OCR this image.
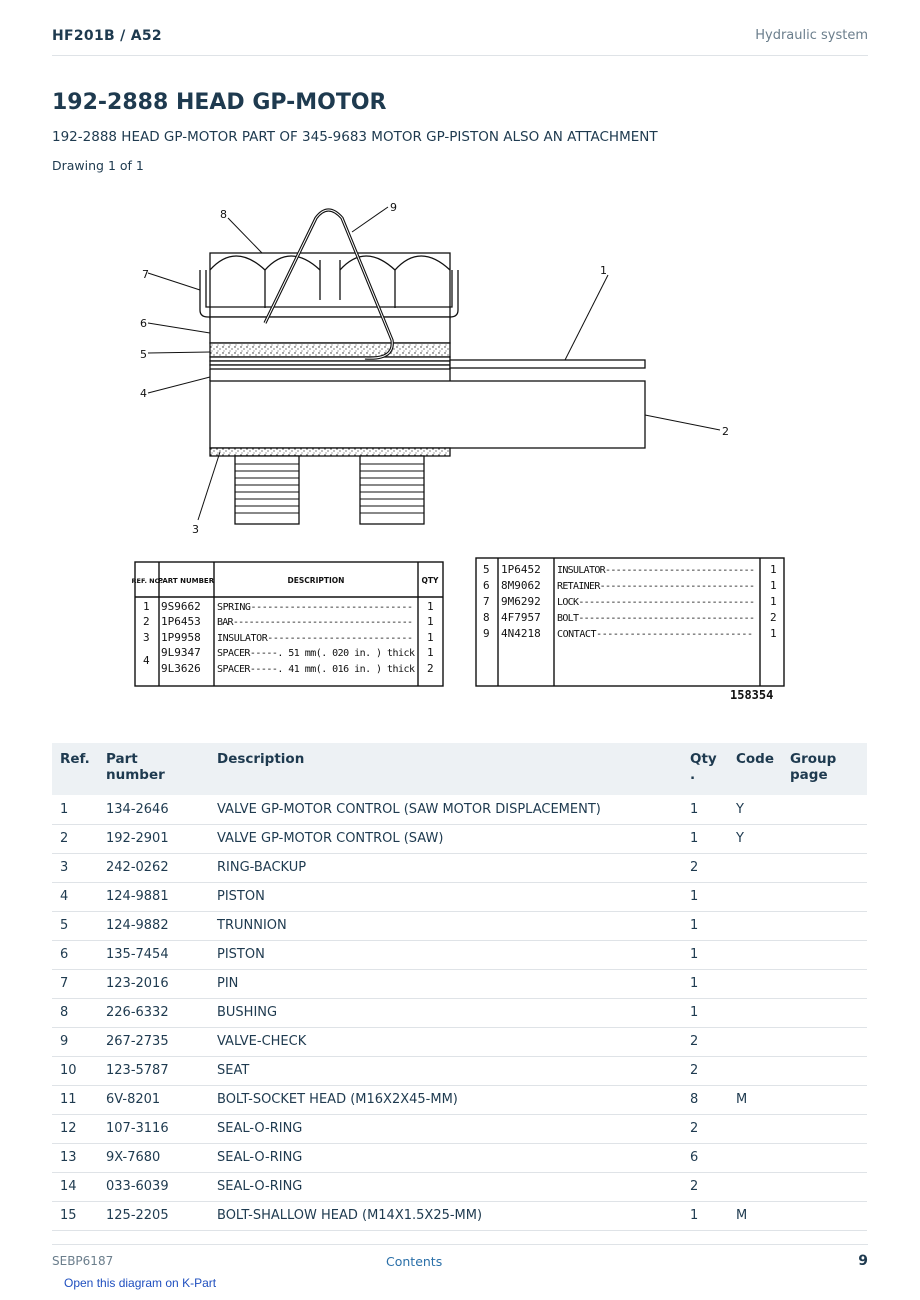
HF201B / A52	Hydraulic system
192-2888 HEAD GP-MOTOR
192-2888 HEAD GP-MOTOR PART OF 345-9683 MOTOR GP-PISTON ALSO AN ATTACHMENT
Drawing 1 of 1
1
2
3
4
5
6
7
8
9
REF. NO.
PART NUMBER	DESCRIPTION	QTY
1 9S9662 SPRING----------------------------- 1
2 1P6453 BAR---------------------------------- 1
3 1P9958 INSULATOR-------------------------- 1
4
9L9347 SPACER-----. 51 mm(. 020 in. ) thick 1
9L3626 SPACER-----. 41 mm(. 016 in. ) thick 2
5 1P6452 INSULATOR---------------------------- 1
6 8M9062 RETAINER----------------------------- 1
7 9M6292 LOCK--------------------------------- 1
8 4F7957 BOLT--------------------------------- 2
9 4N4218 CONTACT---------------------------- 1
158354
Ref.	Part number	Description	Qty .	Code	Group page
1	134-2646	VALVE GP-MOTOR CONTROL (SAW MOTOR DISPLACEMENT)	1	Y	
2	192-2901	VALVE GP-MOTOR CONTROL (SAW)	1	Y	
3	242-0262	RING-BACKUP	2		
4	124-9881	PISTON	1		
5	124-9882	TRUNNION	1		
6	135-7454	PISTON	1		
7	123-2016	PIN	1		
8	226-6332	BUSHING	1		
9	267-2735	VALVE-CHECK	2		
10	123-5787	SEAT	2		
11	6V-8201	BOLT-SOCKET HEAD (M16X2X45-MM)	8	M	
12	107-3116	SEAL-O-RING	2		
13	9X-7680	SEAL-O-RING	6		
14	033-6039	SEAL-O-RING	2		
15	125-2205	BOLT-SHALLOW HEAD (M14X1.5X25-MM)	1	M	
SEBP6187	Contents	9
Open this diagram on K-Part
